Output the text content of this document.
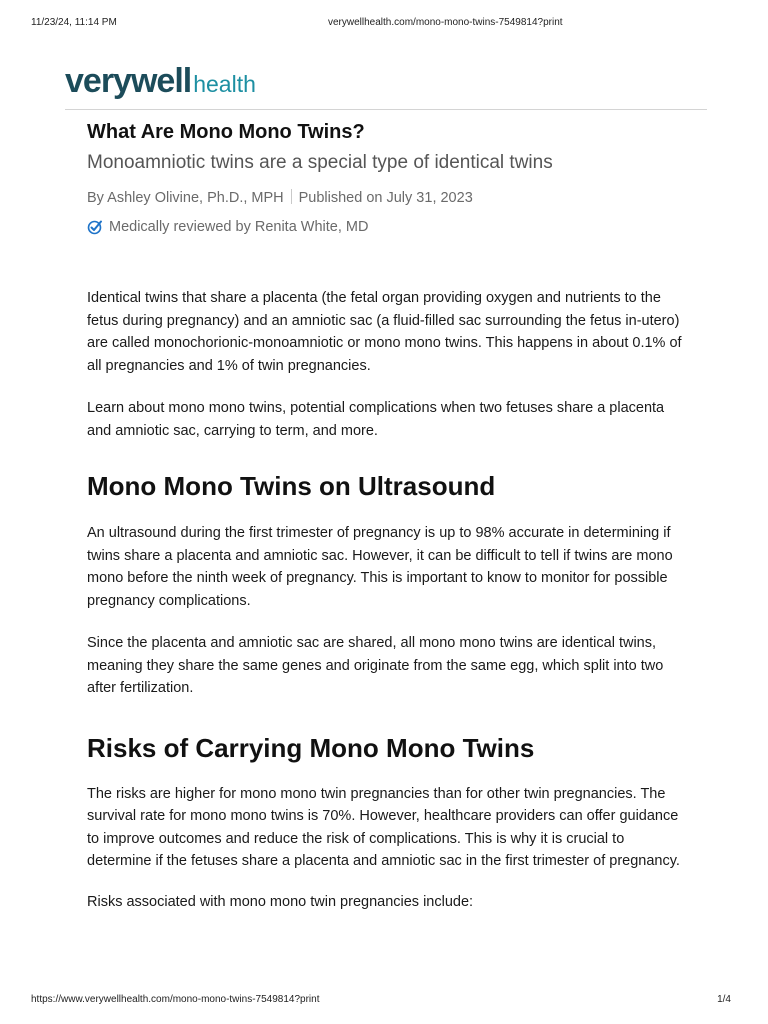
11/23/24, 11:14 PM	verywellhealth.com/mono-mono-twins-7549814?print
verywellhealth
What Are Mono Mono Twins?
Monoamniotic twins are a special type of identical twins
By Ashley Olivine, Ph.D., MPH Published on July 31, 2023
Medically reviewed by Renita White, MD

Identical twins that share a placenta (the fetal organ providing oxygen and nutrients to the fetus during pregnancy) and an amniotic sac (a fluid-filled sac surrounding the fetus in-utero) are called monochorionic-monoamniotic or mono mono twins. This happens in about 0.1% of all pregnancies and 1% of twin pregnancies.

Learn about mono mono twins, potential complications when two fetuses share a placenta and amniotic sac, carrying to term, and more.

Mono Mono Twins on Ultrasound

An ultrasound during the first trimester of pregnancy is up to 98% accurate in determining if twins share a placenta and amniotic sac. However, it can be difficult to tell if twins are mono mono before the ninth week of pregnancy. This is important to know to monitor for possible pregnancy complications.

Since the placenta and amniotic sac are shared, all mono mono twins are identical twins, meaning they share the same genes and originate from the same egg, which split into two after fertilization.

Risks of Carrying Mono Mono Twins

The risks are higher for mono mono twin pregnancies than for other twin pregnancies. The survival rate for mono mono twins is 70%. However, healthcare providers can offer guidance to improve outcomes and reduce the risk of complications. This is why it is crucial to determine if the fetuses share a placenta and amniotic sac in the first trimester of pregnancy.

Risks associated with mono mono twin pregnancies include:

https://www.verywellhealth.com/mono-mono-twins-7549814?print	1/4
